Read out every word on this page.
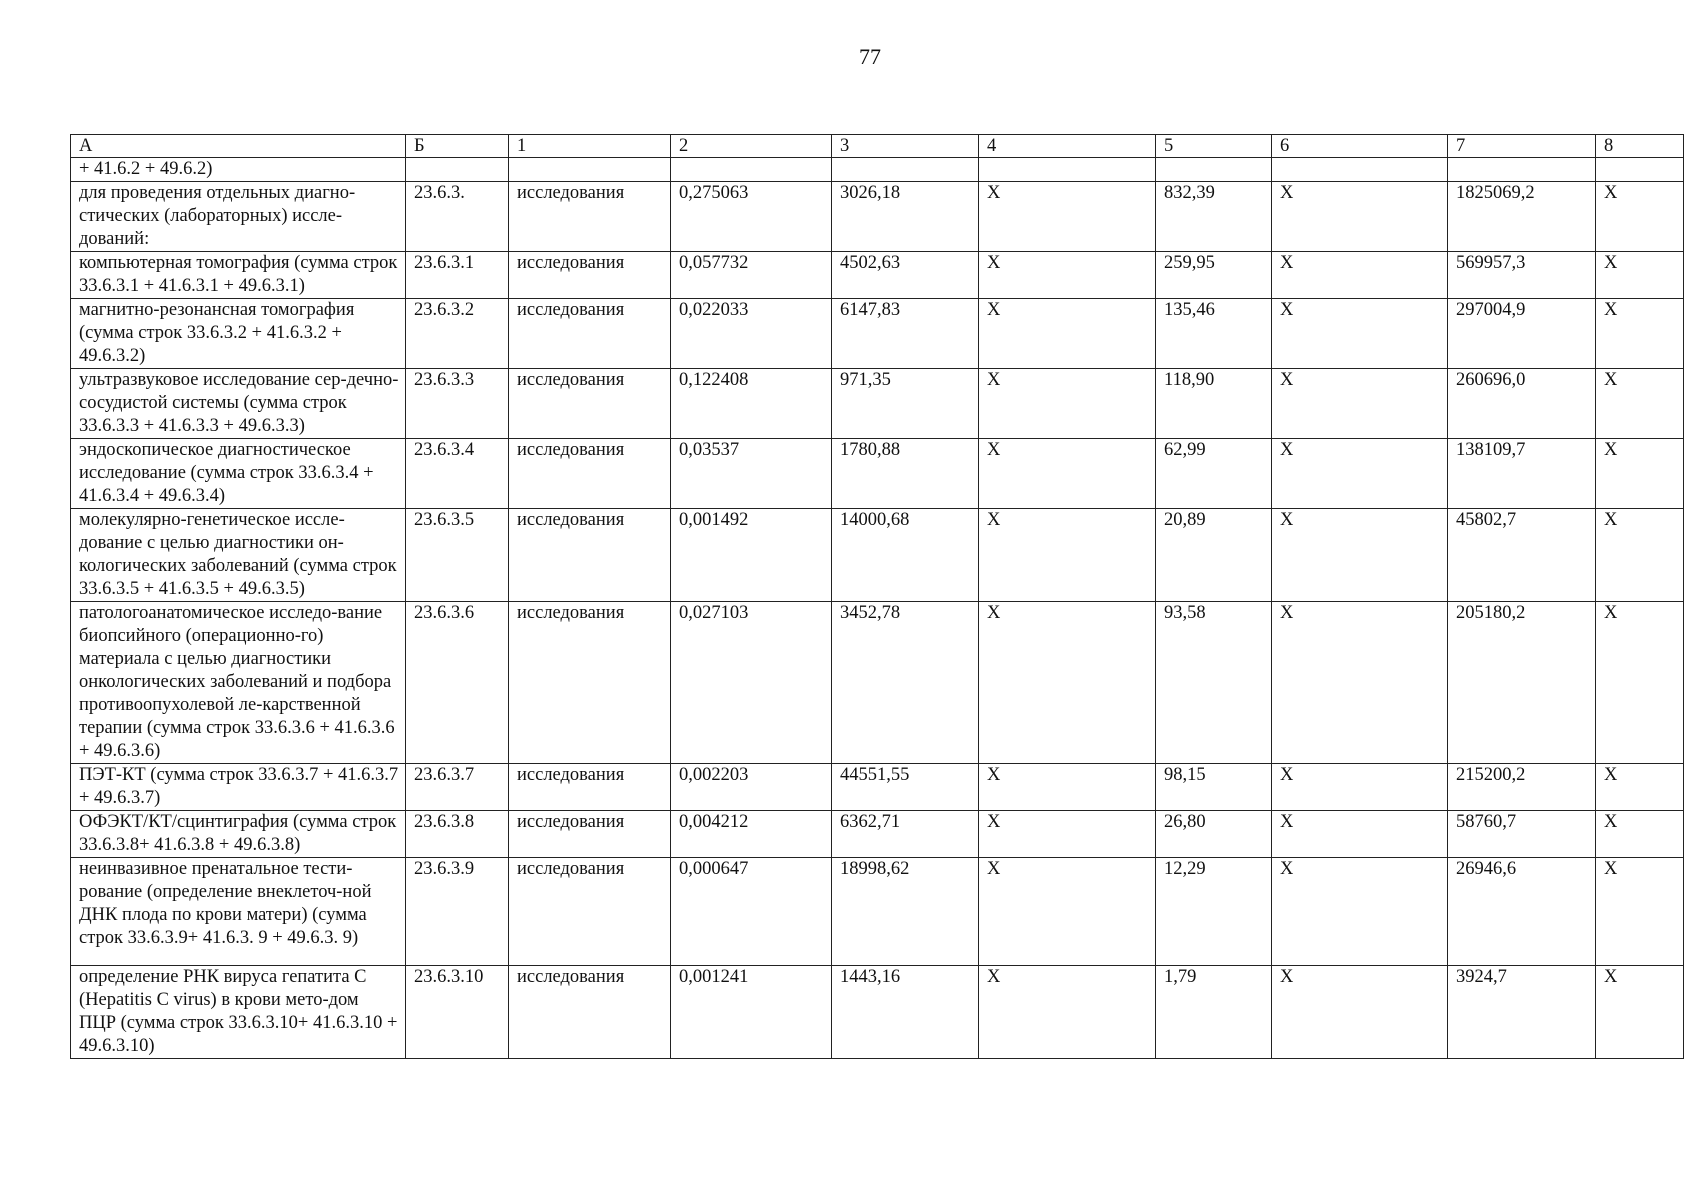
77
А	Б	1	2	3	4	5	6	7	8
+ 41.6.2 + 49.6.2)									
для проведения отдельных диагно-стических (лабораторных) иссле-дований:	23.6.3.	исследования	0,275063	3026,18	X	832,39	X	1825069,2	X
компьютерная томография (сумма строк 33.6.3.1 + 41.6.3.1 + 49.6.3.1)	23.6.3.1	исследования	0,057732	4502,63	X	259,95	X	569957,3	X
магнитно-резонансная томография (сумма строк 33.6.3.2 + 41.6.3.2 + 49.6.3.2)	23.6.3.2	исследования	0,022033	6147,83	X	135,46	X	297004,9	X
ультразвуковое исследование сер-дечно-сосудистой системы (сумма строк 33.6.3.3 + 41.6.3.3 + 49.6.3.3)	23.6.3.3	исследования	0,122408	971,35	X	118,90	X	260696,0	X
эндоскопическое диагностическое исследование (сумма строк 33.6.3.4 + 41.6.3.4 + 49.6.3.4)	23.6.3.4	исследования	0,03537	1780,88	X	62,99	X	138109,7	X
молекулярно-генетическое иссле-дование с целью диагностики он-кологических заболеваний (сумма строк 33.6.3.5 + 41.6.3.5 + 49.6.3.5)	23.6.3.5	исследования	0,001492	14000,68	X	20,89	X	45802,7	X
патологоанатомическое исследо-вание биопсийного (операционно-го) материала с целью диагностики онкологических заболеваний и подбора противоопухолевой ле-карственной терапии (сумма строк 33.6.3.6 + 41.6.3.6 + 49.6.3.6)	23.6.3.6	исследования	0,027103	3452,78	X	93,58	X	205180,2	X
ПЭТ-КТ (сумма строк 33.6.3.7 + 41.6.3.7 + 49.6.3.7)	23.6.3.7	исследования	0,002203	44551,55	X	98,15	X	215200,2	X
ОФЭКТ/КТ/сцинтиграфия (сумма строк 33.6.3.8+ 41.6.3.8 + 49.6.3.8)	23.6.3.8	исследования	0,004212	6362,71	X	26,80	X	58760,7	X
неинвазивное пренатальное тести-рование (определение внеклеточ-ной ДНК плода по крови матери) (сумма строк 33.6.3.9+ 41.6.3. 9 + 49.6.3. 9)	23.6.3.9	исследования	0,000647	18998,62	X	12,29	X	26946,6	X
определение РНК вируса гепатита C (Hepatitis C virus) в крови мето-дом ПЦР (сумма строк 33.6.3.10+ 41.6.3.10 + 49.6.3.10)	23.6.3.10	исследования	0,001241	1443,16	X	1,79	X	3924,7	X
